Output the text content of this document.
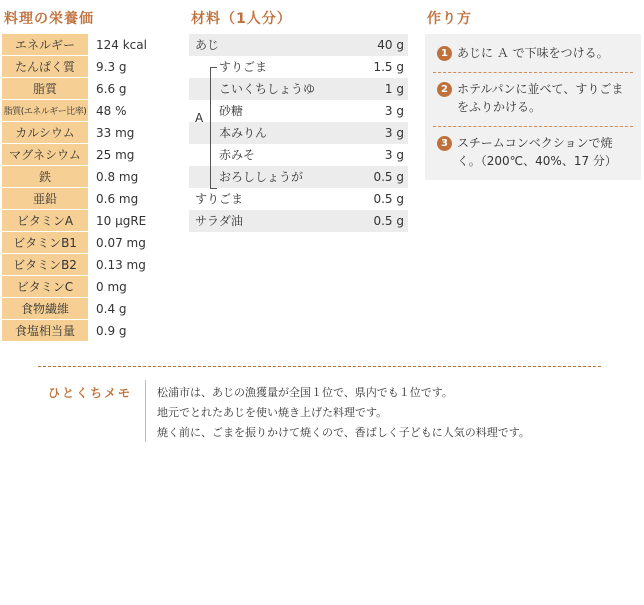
料理の栄養価	材料（1人分）	作り方
エネルギー	124 kcal
たんぱく質	9.3 g
脂質	6.6 g
脂質(エネルギー比率)	48 %
カルシウム	33 mg
マグネシウム	25 mg
鉄	0.8 mg
亜鉛	0.6 mg
ビタミンA	10 μgRE
ビタミンB1	0.07 mg
ビタミンB2	0.13 mg
ビタミンC	0 mg
食物繊維	0.4 g
食塩相当量	0.9 g
あじ	40 g
すりごま	1.5 g
こいくちしょうゆ	1 g
砂糖	3 g
本みりん	3 g
赤みそ	3 g
おろししょうが	0.5 g
すりごま	0.5 g
サラダ油	0.5 g
A
1 あじに Ａ で下味をつける。
2 ホテルパンに並べて、すりごまをふりかける。
3 スチームコンベクションで焼く。（200℃、40%、17 分）
ひとくちメモ 松浦市は、あじの漁獲量が全国１位で、県内でも１位です。
地元でとれたあじを使い焼き上げた料理です。
焼く前に、ごまを振りかけて焼くので、香ばしく子どもに人気の料理です。
